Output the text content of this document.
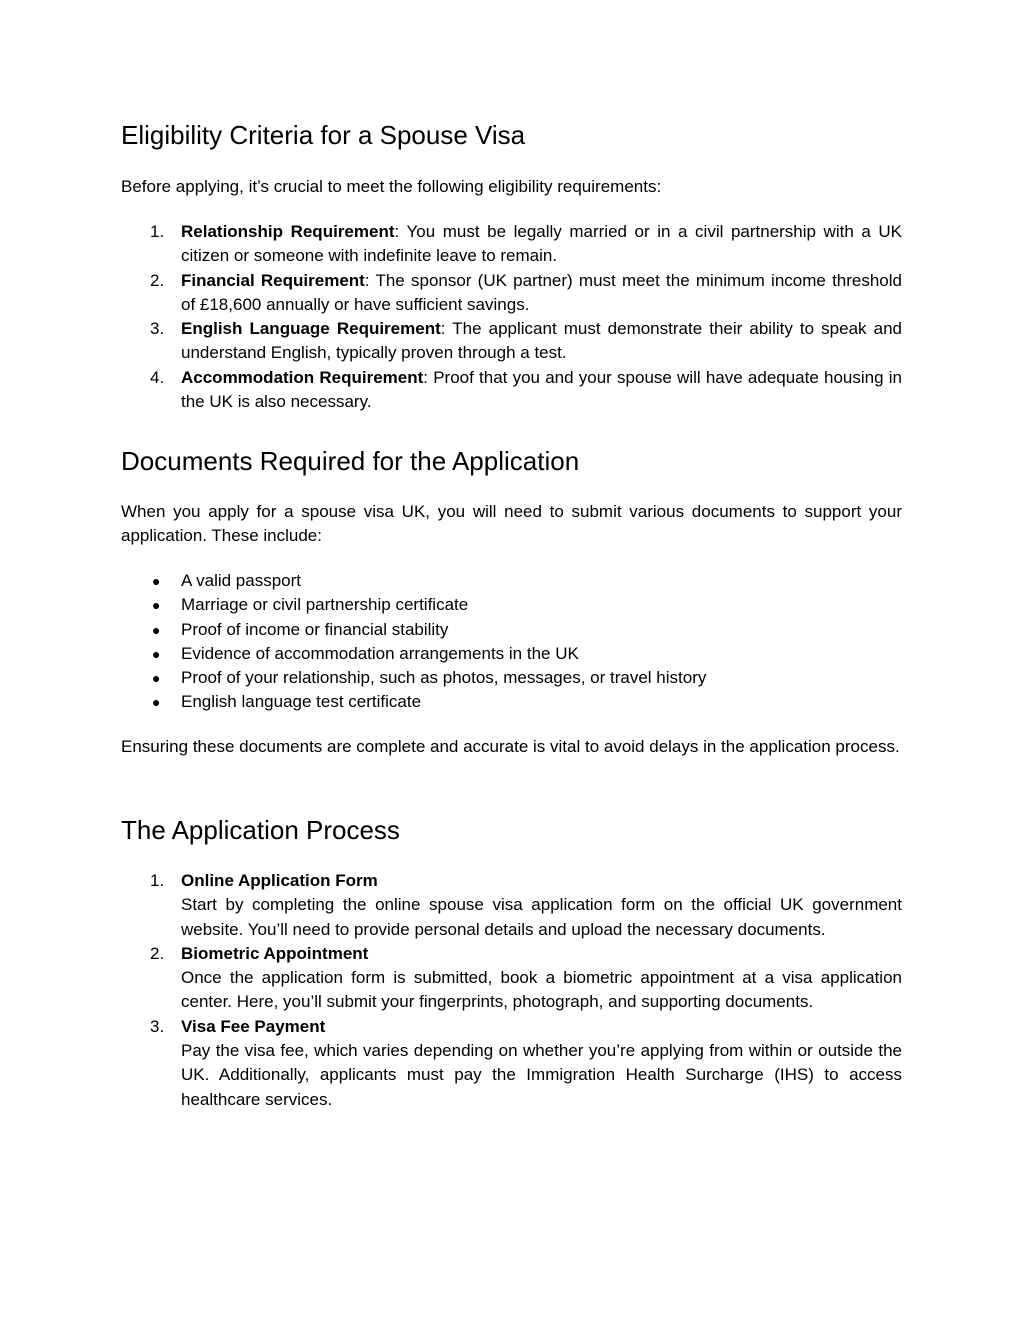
Eligibility Criteria for a Spouse Visa

Before applying, it’s crucial to meet the following eligibility requirements:

1. Relationship Requirement: You must be legally married or in a civil partnership with a UK citizen or someone with indefinite leave to remain.
2. Financial Requirement: The sponsor (UK partner) must meet the minimum income threshold of £18,600 annually or have sufficient savings.
3. English Language Requirement: The applicant must demonstrate their ability to speak and understand English, typically proven through a test.
4. Accommodation Requirement: Proof that you and your spouse will have adequate housing in the UK is also necessary.
Documents Required for the Application

When you apply for a spouse visa UK, you will need to submit various documents to support your application. These include:

● A valid passport
● Marriage or civil partnership certificate
● Proof of income or financial stability
● Evidence of accommodation arrangements in the UK
● Proof of your relationship, such as photos, messages, or travel history
● English language test certificate

Ensuring these documents are complete and accurate is vital to avoid delays in the application process.

The Application Process
1. Online Application Form
Start by completing the online spouse visa application form on the official UK government website. You’ll need to provide personal details and upload the necessary documents.
2. Biometric Appointment
Once the application form is submitted, book a biometric appointment at a visa application center. Here, you’ll submit your fingerprints, photograph, and supporting documents.
3. Visa Fee Payment
Pay the visa fee, which varies depending on whether you’re applying from within or outside the UK. Additionally, applicants must pay the Immigration Health Surcharge (IHS) to access healthcare services.
